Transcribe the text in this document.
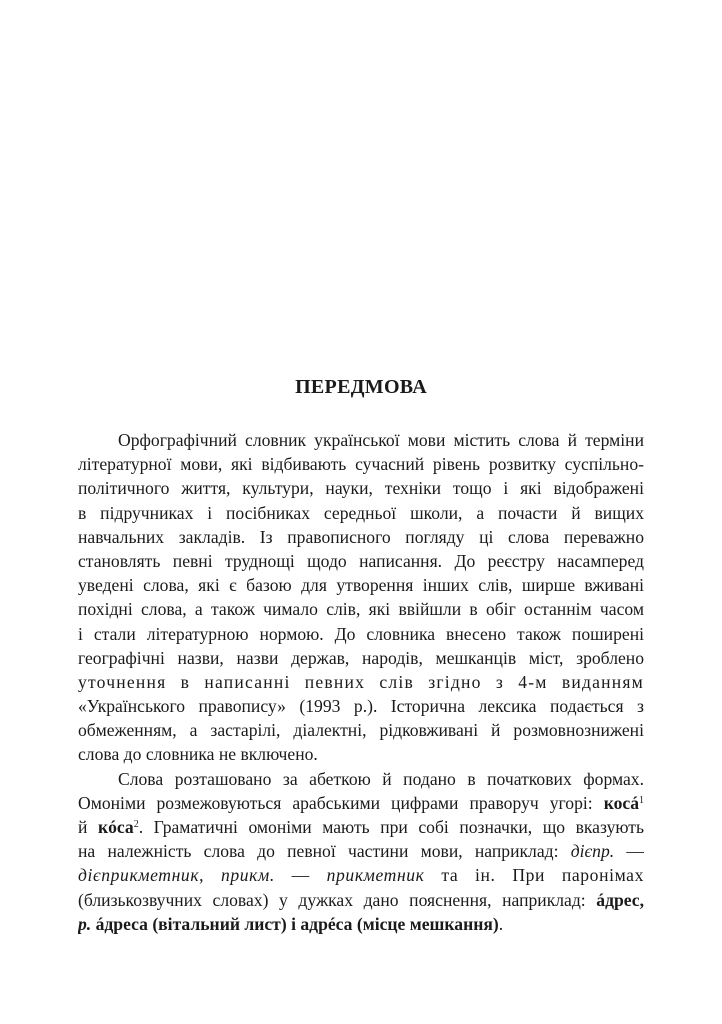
ПЕРЕДМОВА
Орфографічний словник української мови містить слова й терміни
літературної мови, які відбивають сучасний рівень розвитку суспільно-
політичного життя, культури, науки, техніки тощо і які відображені
в підручниках і посібниках середньої школи, а почасти й вищих
навчальних закладів. Із правописного погляду ці слова переважно
становлять певні труднощі щодо написання. До реєстру насамперед
уведені слова, які є базою для утворення інших слів, ширше вживані
похідні слова, а також чимало слів, які ввійшли в обіг останнім часом
і стали літературною нормою. До словника внесено також поширені
географічні назви, назви держав, народів, мешканців міст, зроблено
уточнення в написанні певних слів згідно з 4-м виданням
«Українського правопису» (1993 р.). Історична лексика подається з
обмеженням, а застарілі, діалектні, рідковживані й розмовнознижені
слова до словника не включено.
Слова розташовано за абеткою й подано в початкових формах.
Омоніми розмежовуються арабськими цифрами праворуч угорі: косá$^1$
й кóса$^2$. Граматичні омоніми мають при собі позначки, що вказують
на належність слова до певної частини мови, наприклад: дієпр. —
дієприкметник, прикм. — прикметник та ін. При паронімах
(близькозвучних словах) у дужках дано пояснення, наприклад: áдрес,
р. áдреса (вітальний лист) і адрéса (місце мешкання).
